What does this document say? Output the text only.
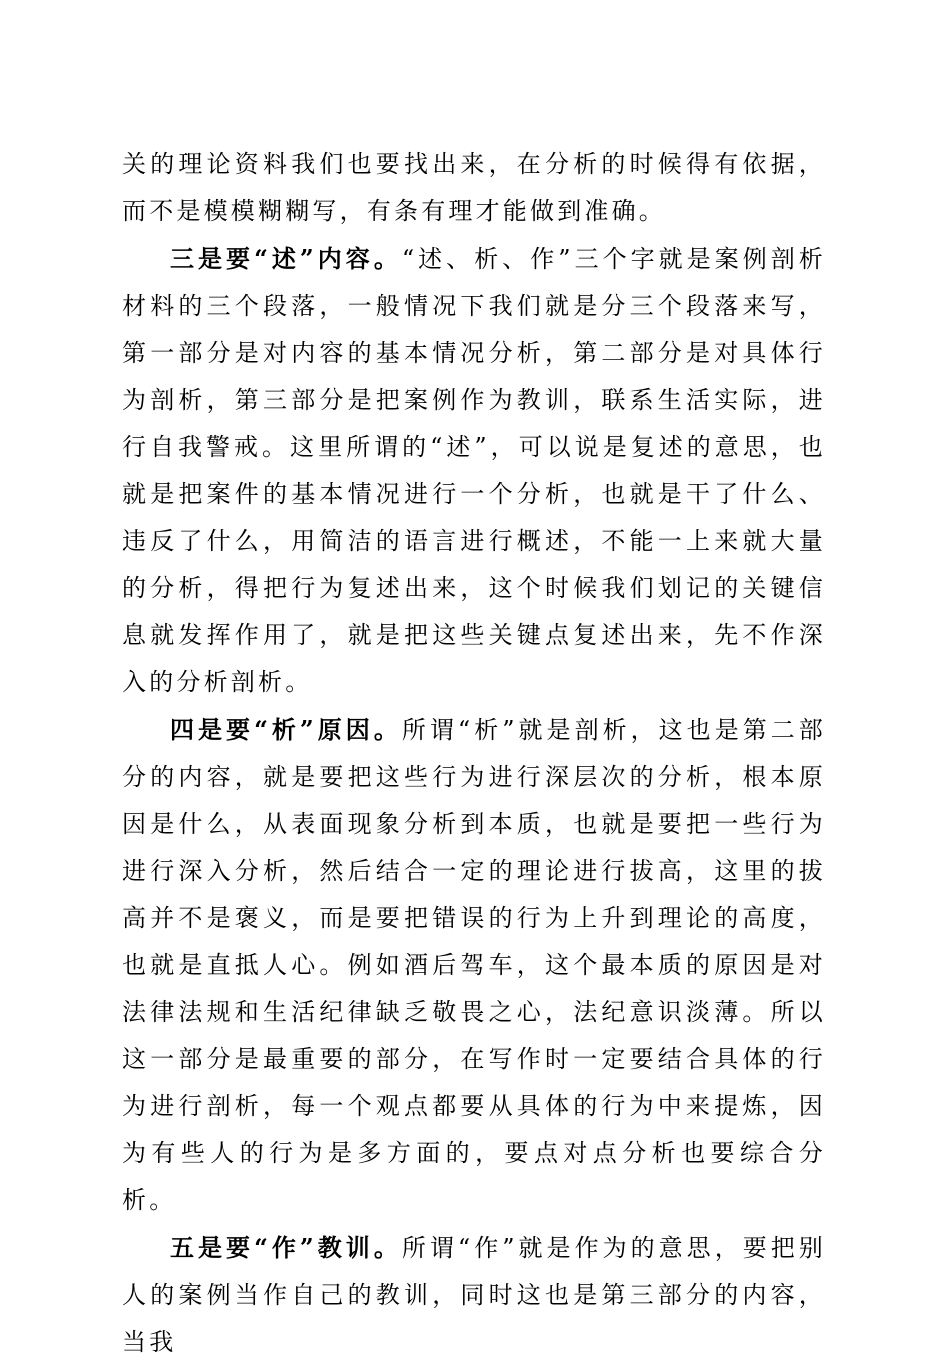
关的理论资料我们也要找出来，在分析的时候得有依据，而不是模模糊糊写，有条有理才能做到准确。

三是要“述”内容。“述、析、作”三个字就是案例剖析材料的三个段落，一般情况下我们就是分三个段落来写，第一部分是对内容的基本情况分析，第二部分是对具体行为剖析，第三部分是把案例作为教训，联系生活实际，进行自我警戒。这里所谓的“述”，可以说是复述的意思，也就是把案件的基本情况进行一个分析，也就是干了什么、违反了什么，用简洁的语言进行概述，不能一上来就大量的分析，得把行为复述出来，这个时候我们划记的关键信息就发挥作用了，就是把这些关键点复述出来，先不作深入的分析剖析。

四是要“析”原因。所谓“析”就是剖析，这也是第二部分的内容，就是要把这些行为进行深层次的分析，根本原因是什么，从表面现象分析到本质，也就是要把一些行为进行深入分析，然后结合一定的理论进行拔高，这里的拔高并不是褒义，而是要把错误的行为上升到理论的高度，也就是直抵人心。例如酒后驾车，这个最本质的原因是对法律法规和生活纪律缺乏敬畏之心，法纪意识淡薄。所以这一部分是最重要的部分，在写作时一定要结合具体的行为进行剖析，每一个观点都要从具体的行为中来提炼，因为有些人的行为是多方面的，要点对点分析也要综合分析。

五是要“作”教训。所谓“作”就是作为的意思，要把别人的案例当作自己的教训，同时这也是第三部分的内容，当我
